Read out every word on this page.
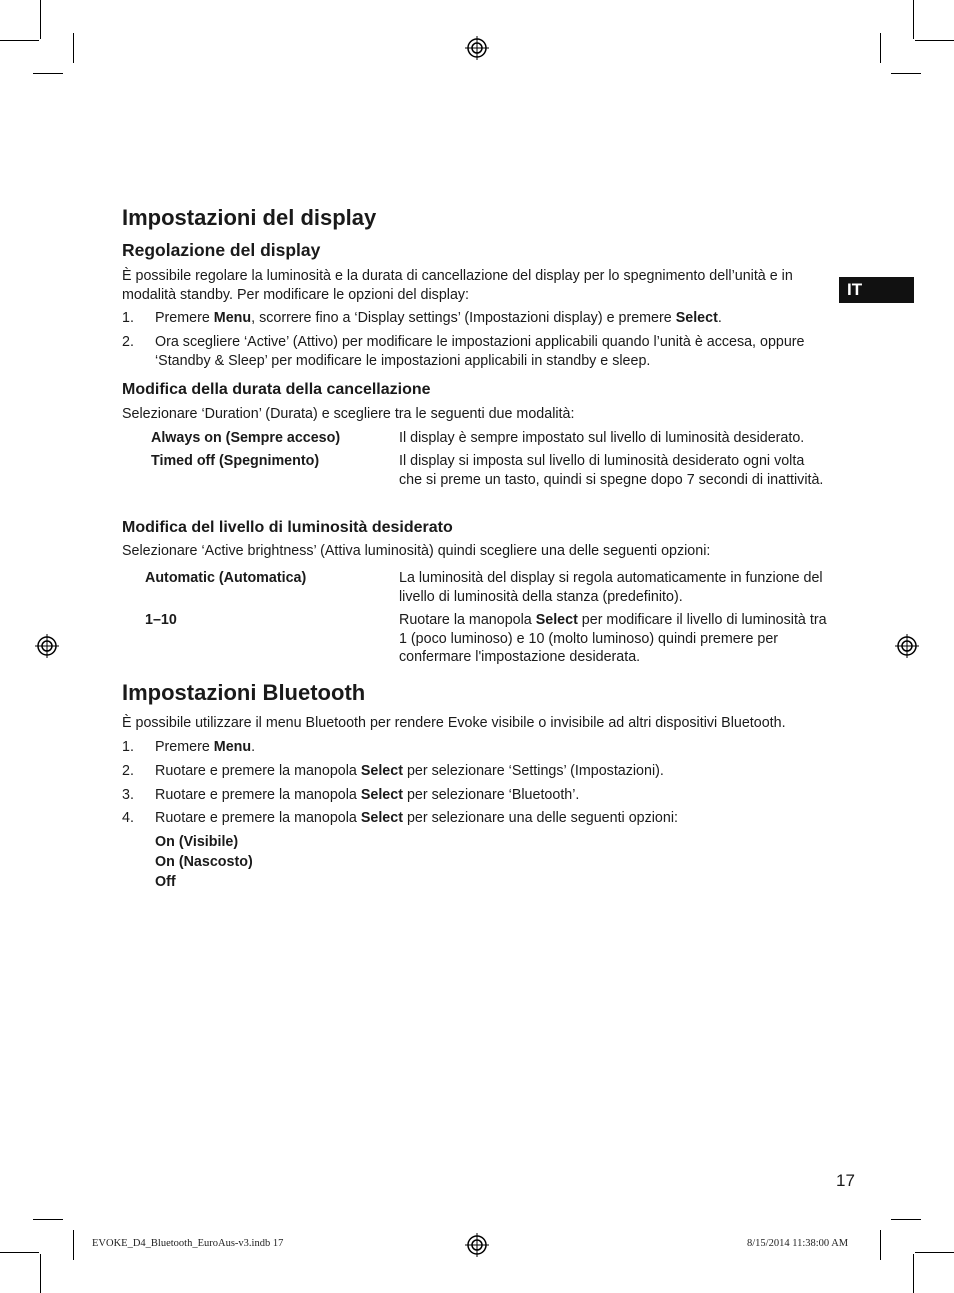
IT
Impostazioni del display
Regolazione del display

È possibile regolare la luminosità e la durata di cancellazione del display per lo spegnimento dell’unità e in modalità standby. Per modificare le opzioni del display:

1. Premere Menu, scorrere fino a ‘Display settings’ (Impostazioni display) e premere Select.
2. Ora scegliere ‘Active’ (Attivo) per modificare le impostazioni applicabili quando l’unità è accesa, oppure ‘Standby & Sleep’ per modificare le impostazioni applicabili in standby e sleep.
Modifica della durata della cancellazione

Selezionare ‘Duration’ (Durata) e scegliere tra le seguenti due modalità:

Always on (Sempre acceso)	Il display è sempre impostato sul livello di luminosità desiderato.
Timed off (Spegnimento)	Il display si imposta sul livello di luminosità desiderato ogni volta che si preme un tasto, quindi si spegne dopo 7 secondi di inattività.
Modifica del livello di luminosità desiderato

Selezionare ‘Active brightness’ (Attiva luminosità) quindi scegliere una delle seguenti opzioni:

Automatic (Automatica)	La luminosità del display si regola automaticamente in funzione del livello di luminosità della stanza (predefinito).
1–10	Ruotare la manopola Select per modificare il livello di luminosità tra 1 (poco luminoso) e 10 (molto luminoso) quindi premere per confermare l'impostazione desiderata.
Impostazioni Bluetooth

È possibile utilizzare il menu Bluetooth per rendere Evoke visibile o invisibile ad altri dispositivi Bluetooth.

1. Premere Menu.
2. Ruotare e premere la manopola Select per selezionare ‘Settings’ (Impostazioni).
3. Ruotare e premere la manopola Select per selezionare ‘Bluetooth’.
4. Ruotare e premere la manopola Select per selezionare una delle seguenti opzioni:
On (Visibile)
On (Nascosto)
Off
17
EVOKE_D4_Bluetooth_EuroAus-v3.indb 17	8/15/2014 11:38:00 AM
